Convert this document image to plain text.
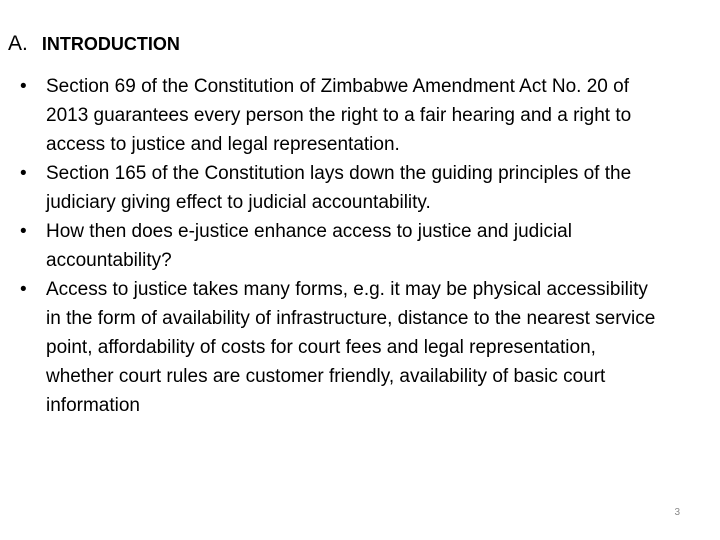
A. INTRODUCTION
•	Section 69 of the Constitution of Zimbabwe Amendment Act No. 20 of 2013 guarantees every person the right to a fair hearing and a right to access to justice and legal representation.
•	Section 165 of the Constitution lays down the guiding principles of the judiciary giving effect to judicial accountability.
•	How then does e-justice enhance access to justice and judicial accountability?
•	Access to justice takes many forms, e.g. it may be physical accessibility in the form of availability of infrastructure, distance to the nearest service point, affordability of costs for court fees and legal representation, whether court rules are customer friendly, availability of basic court information
3
